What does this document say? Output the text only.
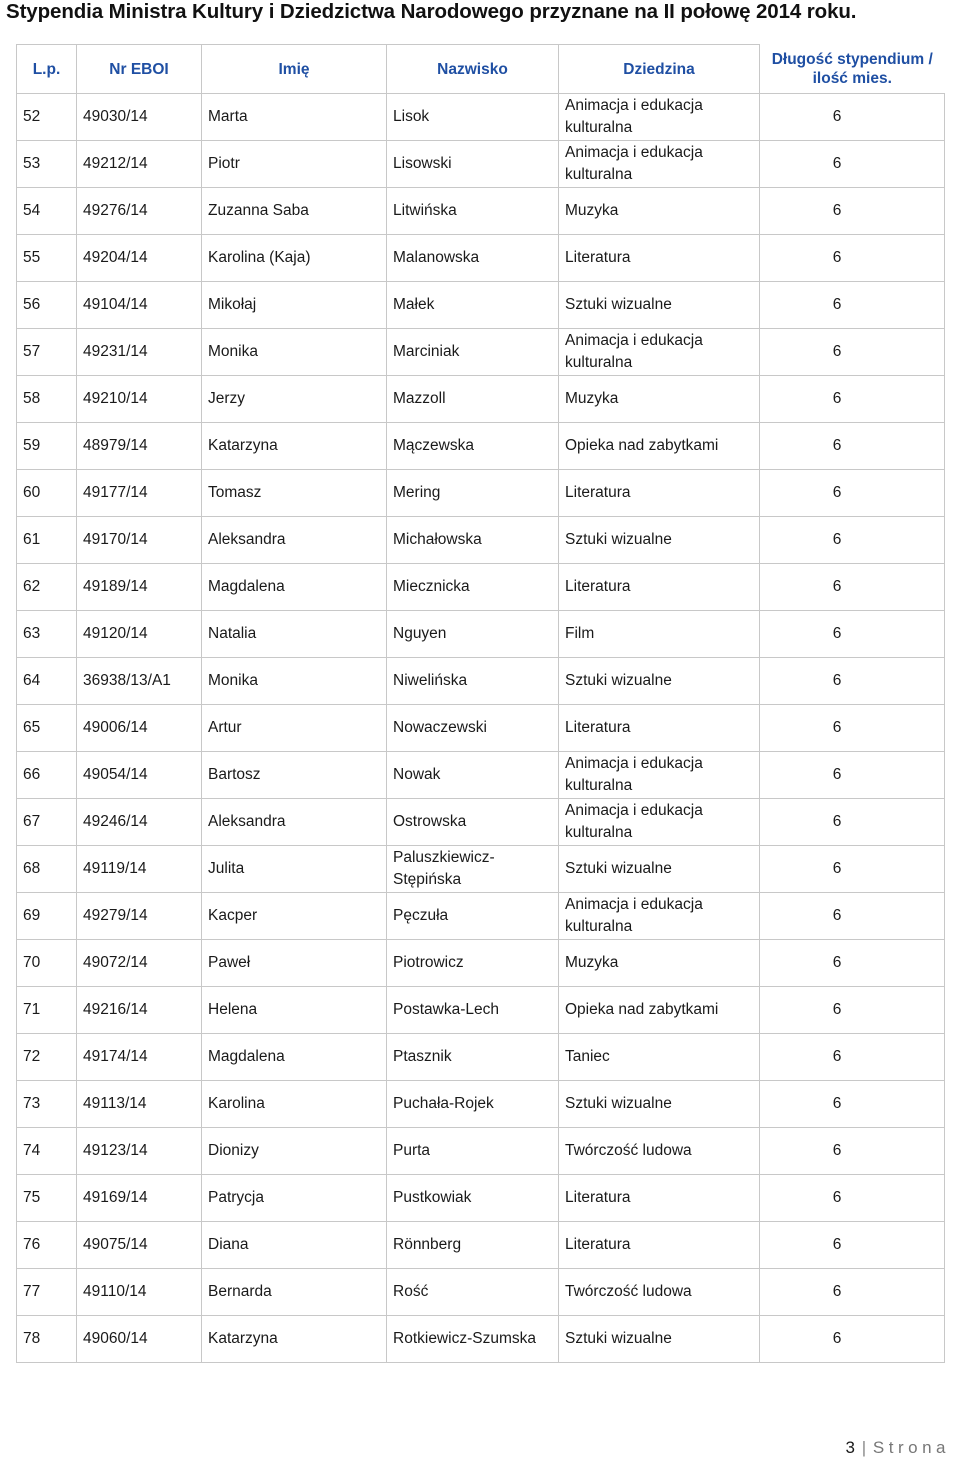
Stypendia Ministra Kultury i Dziedzictwa Narodowego przyznane na II połowę 2014 roku.
L.p.	Nr EBOI	Imię	Nazwisko	Dziedzina	Długość stypendium / ilość mies.
52	49030/14	Marta	Lisok	Animacja i edukacja kulturalna	6
53	49212/14	Piotr	Lisowski	Animacja i edukacja kulturalna	6
54	49276/14	Zuzanna Saba	Litwińska	Muzyka	6
55	49204/14	Karolina (Kaja)	Malanowska	Literatura	6
56	49104/14	Mikołaj	Małek	Sztuki wizualne	6
57	49231/14	Monika	Marciniak	Animacja i edukacja kulturalna	6
58	49210/14	Jerzy	Mazzoll	Muzyka	6
59	48979/14	Katarzyna	Mączewska	Opieka nad zabytkami	6
60	49177/14	Tomasz	Mering	Literatura	6
61	49170/14	Aleksandra	Michałowska	Sztuki wizualne	6
62	49189/14	Magdalena	Miecznicka	Literatura	6
63	49120/14	Natalia	Nguyen	Film	6
64	36938/13/A1	Monika	Niwelińska	Sztuki wizualne	6
65	49006/14	Artur	Nowaczewski	Literatura	6
66	49054/14	Bartosz	Nowak	Animacja i edukacja kulturalna	6
67	49246/14	Aleksandra	Ostrowska	Animacja i edukacja kulturalna	6
68	49119/14	Julita	Paluszkiewicz-Stępińska	Sztuki wizualne	6
69	49279/14	Kacper	Pęczuła	Animacja i edukacja kulturalna	6
70	49072/14	Paweł	Piotrowicz	Muzyka	6
71	49216/14	Helena	Postawka-Lech	Opieka nad zabytkami	6
72	49174/14	Magdalena	Ptasznik	Taniec	6
73	49113/14	Karolina	Puchała-Rojek	Sztuki wizualne	6
74	49123/14	Dionizy	Purta	Twórczość ludowa	6
75	49169/14	Patrycja	Pustkowiak	Literatura	6
76	49075/14	Diana	Rönnberg	Literatura	6
77	49110/14	Bernarda	Rość	Twórczość ludowa	6
78	49060/14	Katarzyna	Rotkiewicz-Szumska	Sztuki wizualne	6
3 | Strona
